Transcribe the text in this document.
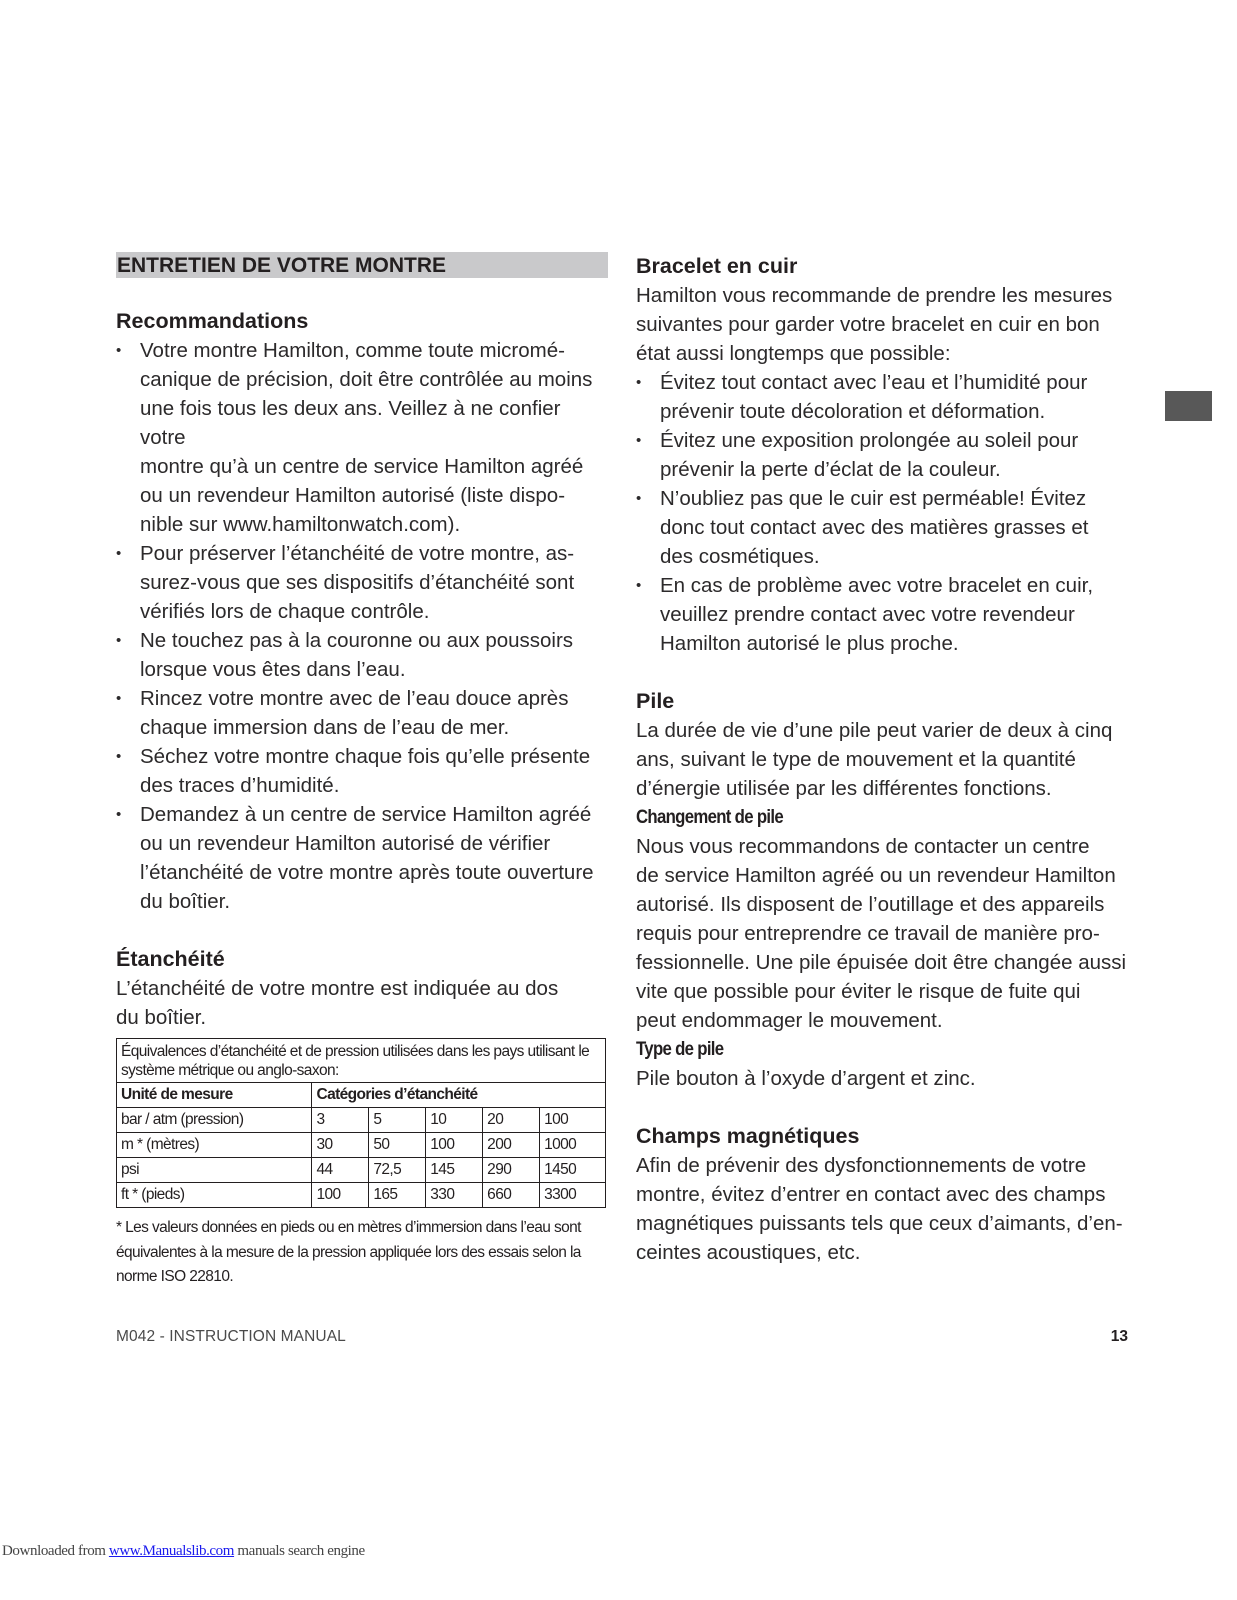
ENTRETIEN DE VOTRE MONTRE
Recommandations
• Votre montre Hamilton, comme toute micromé-
canique de précision, doit être contrôlée au moins
une fois tous les deux ans. Veillez à ne confier votre
montre qu’à un centre de service Hamilton agréé
ou un revendeur Hamilton autorisé (liste dispo-
nible sur www.hamiltonwatch.com).
• Pour préserver l’étanchéité de votre montre, as-
surez-vous que ses dispositifs d’étanchéité sont
vérifiés lors de chaque contrôle.
• Ne touchez pas à la couronne ou aux poussoirs
lorsque vous êtes dans l’eau.
• Rincez votre montre avec de l’eau douce après
chaque immersion dans de l’eau de mer.
• Séchez votre montre chaque fois qu’elle présente
des traces d’humidité.
• Demandez à un centre de service Hamilton agréé
ou un revendeur Hamilton autorisé de vérifier
l’étanchéité de votre montre après toute ouverture
du boîtier.
Étanchéité

L’étanchéité de votre montre est indiquée au dos
du boîtier.

Équivalences d’étanchéité et de pression utilisées dans les pays utilisant le
système métrique ou anglo-saxon:					
Unité de mesure	Catégories d’étanchéité				
bar / atm (pression)	3	5	10	20	100
m * (mètres)	30	50	100	200	1000
psi	44	72,5	145	290	1450
ft * (pieds)	100	165	330	660	3300
* Les valeurs données en pieds ou en mètres d’immersion dans l’eau sont
équivalentes à la mesure de la pression appliquée lors des essais selon la
norme ISO 22810.
Bracelet en cuir

Hamilton vous recommande de prendre les mesures
suivantes pour garder votre bracelet en cuir en bon
état aussi longtemps que possible:

• Évitez tout contact avec l’eau et l’humidité pour
prévenir toute décoloration et déformation.
• Évitez une exposition prolongée au soleil pour
prévenir la perte d’éclat de la couleur.
• N’oubliez pas que le cuir est perméable! Évitez
donc tout contact avec des matières grasses et
des cosmétiques.
• En cas de problème avec votre bracelet en cuir,
veuillez prendre contact avec votre revendeur
Hamilton autorisé le plus proche.
Pile

La durée de vie d’une pile peut varier de deux à cinq
ans, suivant le type de mouvement et la quantité
d’énergie utilisée par les différentes fonctions.

Changement de pile

Nous vous recommandons de contacter un centre
de service Hamilton agréé ou un revendeur Hamilton
autorisé. Ils disposent de l’outillage et des appareils
requis pour entreprendre ce travail de manière pro-
fessionnelle. Une pile épuisée doit être changée aussi
vite que possible pour éviter le risque de fuite qui
peut endommager le mouvement.

Type de pile

Pile bouton à l’oxyde d’argent et zinc.

Champs magnétiques

Afin de prévenir des dysfonctionnements de votre
montre, évitez d’entrer en contact avec des champs
magnétiques puissants tels que ceux d’aimants, d’en-
ceintes acoustiques, etc.

M042 - INSTRUCTION MANUAL	13
Downloaded from www.Manualslib.com manuals search engine
